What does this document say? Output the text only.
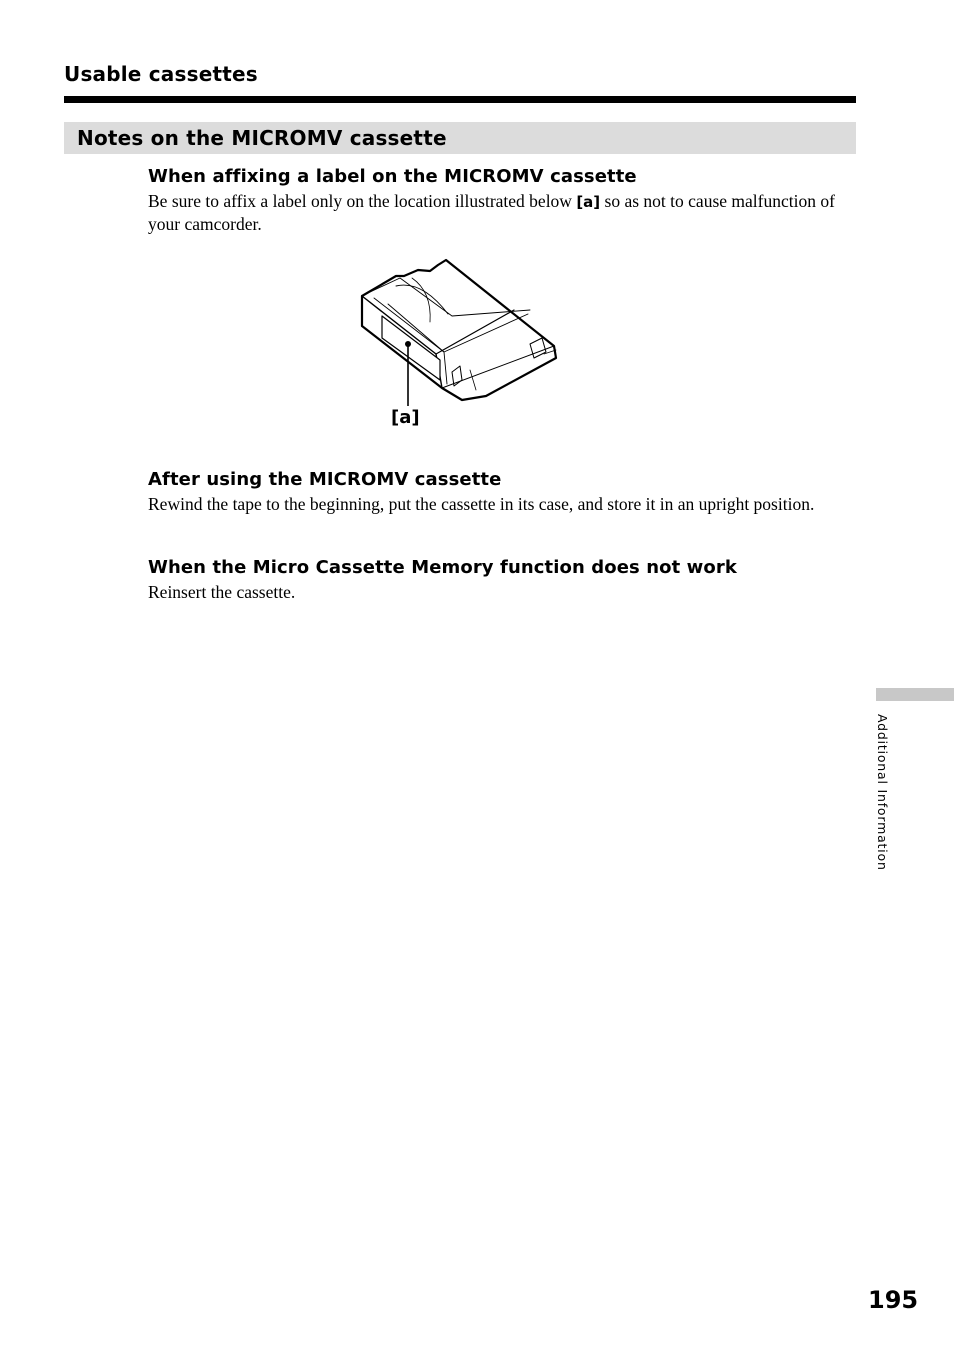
Usable cassettes
Notes on the MICROMV cassette
When affixing a label on the MICROMV cassette
Be sure to affix a label only on the location illustrated below [a] so as not to cause malfunction of your camcorder.
[a]
After using the MICROMV cassette
Rewind the tape to the beginning, put the cassette in its case, and store it in an upright position.
When the Micro Cassette Memory function does not work
Reinsert the cassette.
Additional Information
195
